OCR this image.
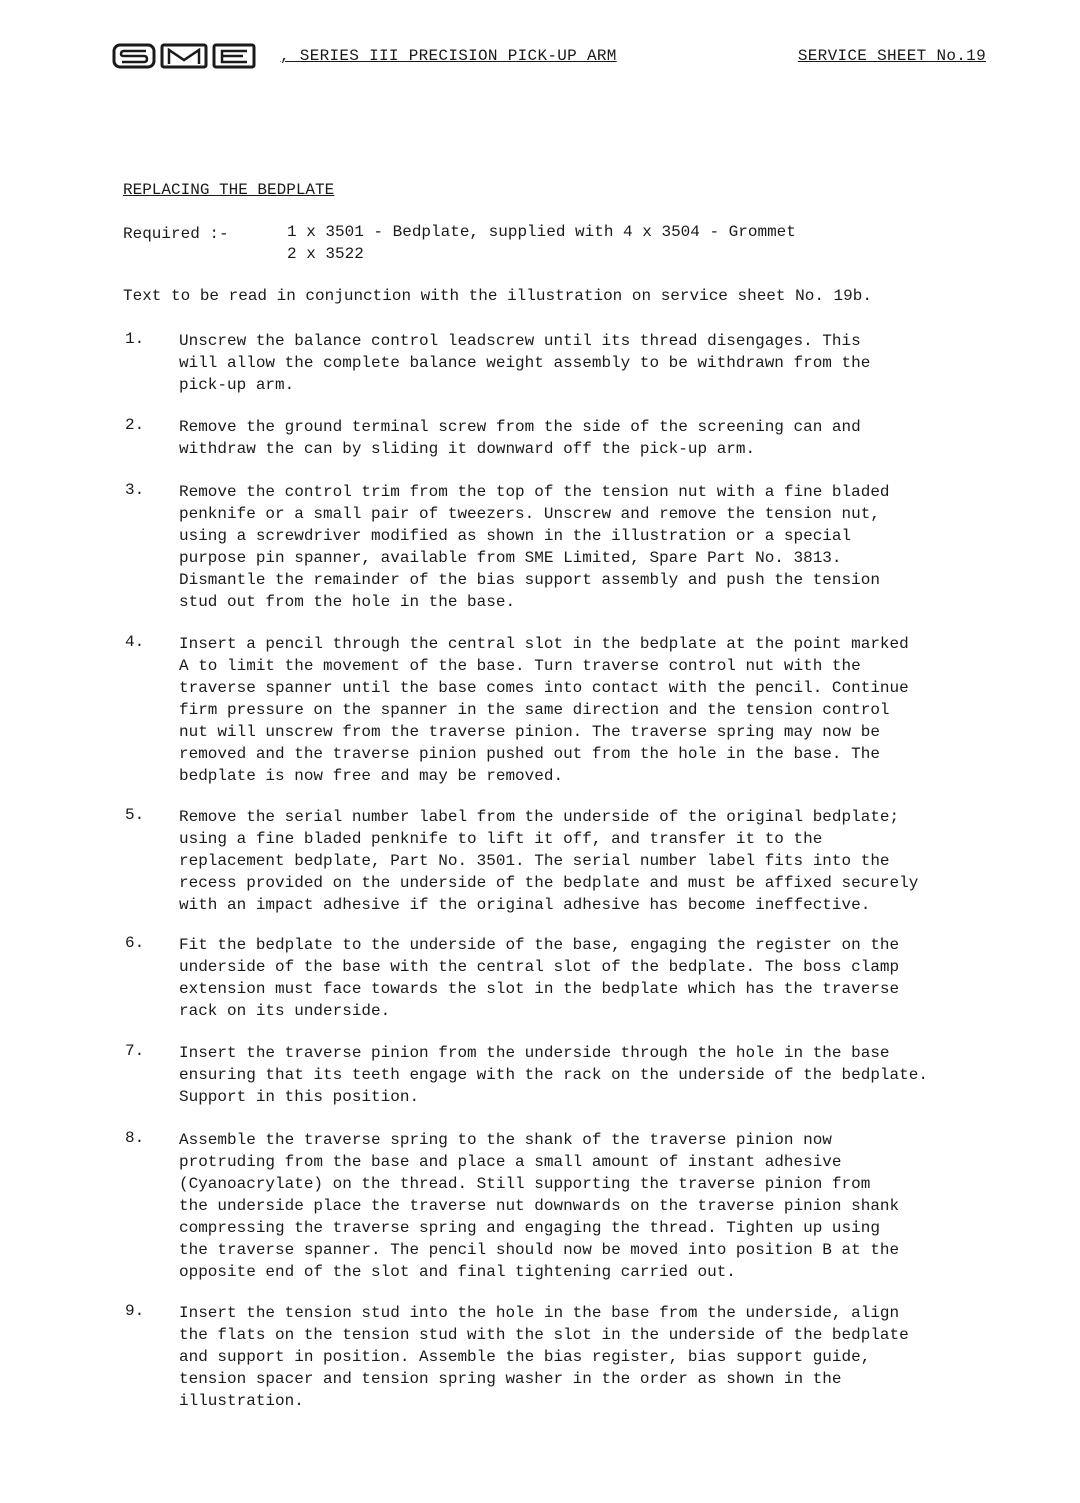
, SERIES III PRECISION PICK-UP ARM	SERVICE SHEET No.19
REPLACING THE BEDPLATE
Required :-	1 x 3501 - Bedplate, supplied with 4 x 3504 - Grommet
2 x 3522
Text to be read in conjunction with the illustration on service sheet No. 19b.
1. Unscrew the balance control leadscrew until its thread disengages. This
will allow the complete balance weight assembly to be withdrawn from the
pick-up arm.
2. Remove the ground terminal screw from the side of the screening can and
withdraw the can by sliding it downward off the pick-up arm.
3. Remove the control trim from the top of the tension nut with a fine bladed
penknife or a small pair of tweezers. Unscrew and remove the tension nut,
using a screwdriver modified as shown in the illustration or a special
purpose pin spanner, available from SME Limited, Spare Part No. 3813.
Dismantle the remainder of the bias support assembly and push the tension
stud out from the hole in the base.
4. Insert a pencil through the central slot in the bedplate at the point marked
A to limit the movement of the base. Turn traverse control nut with the
traverse spanner until the base comes into contact with the pencil. Continue
firm pressure on the spanner in the same direction and the tension control
nut will unscrew from the traverse pinion. The traverse spring may now be
removed and the traverse pinion pushed out from the hole in the base. The
bedplate is now free and may be removed.
5. Remove the serial number label from the underside of the original bedplate;
using a fine bladed penknife to lift it off, and transfer it to the
replacement bedplate, Part No. 3501. The serial number label fits into the
recess provided on the underside of the bedplate and must be affixed securely
with an impact adhesive if the original adhesive has become ineffective.
6. Fit the bedplate to the underside of the base, engaging the register on the
underside of the base with the central slot of the bedplate. The boss clamp
extension must face towards the slot in the bedplate which has the traverse
rack on its underside.
7. Insert the traverse pinion from the underside through the hole in the base
ensuring that its teeth engage with the rack on the underside of the bedplate.
Support in this position.
8. Assemble the traverse spring to the shank of the traverse pinion now
protruding from the base and place a small amount of instant adhesive
(Cyanoacrylate) on the thread. Still supporting the traverse pinion from
the underside place the traverse nut downwards on the traverse pinion shank
compressing the traverse spring and engaging the thread. Tighten up using
the traverse spanner. The pencil should now be moved into position B at the
opposite end of the slot and final tightening carried out.
9. Insert the tension stud into the hole in the base from the underside, align
the flats on the tension stud with the slot in the underside of the bedplate
and support in position. Assemble the bias register, bias support guide,
tension spacer and tension spring washer in the order as shown in the
illustration.
